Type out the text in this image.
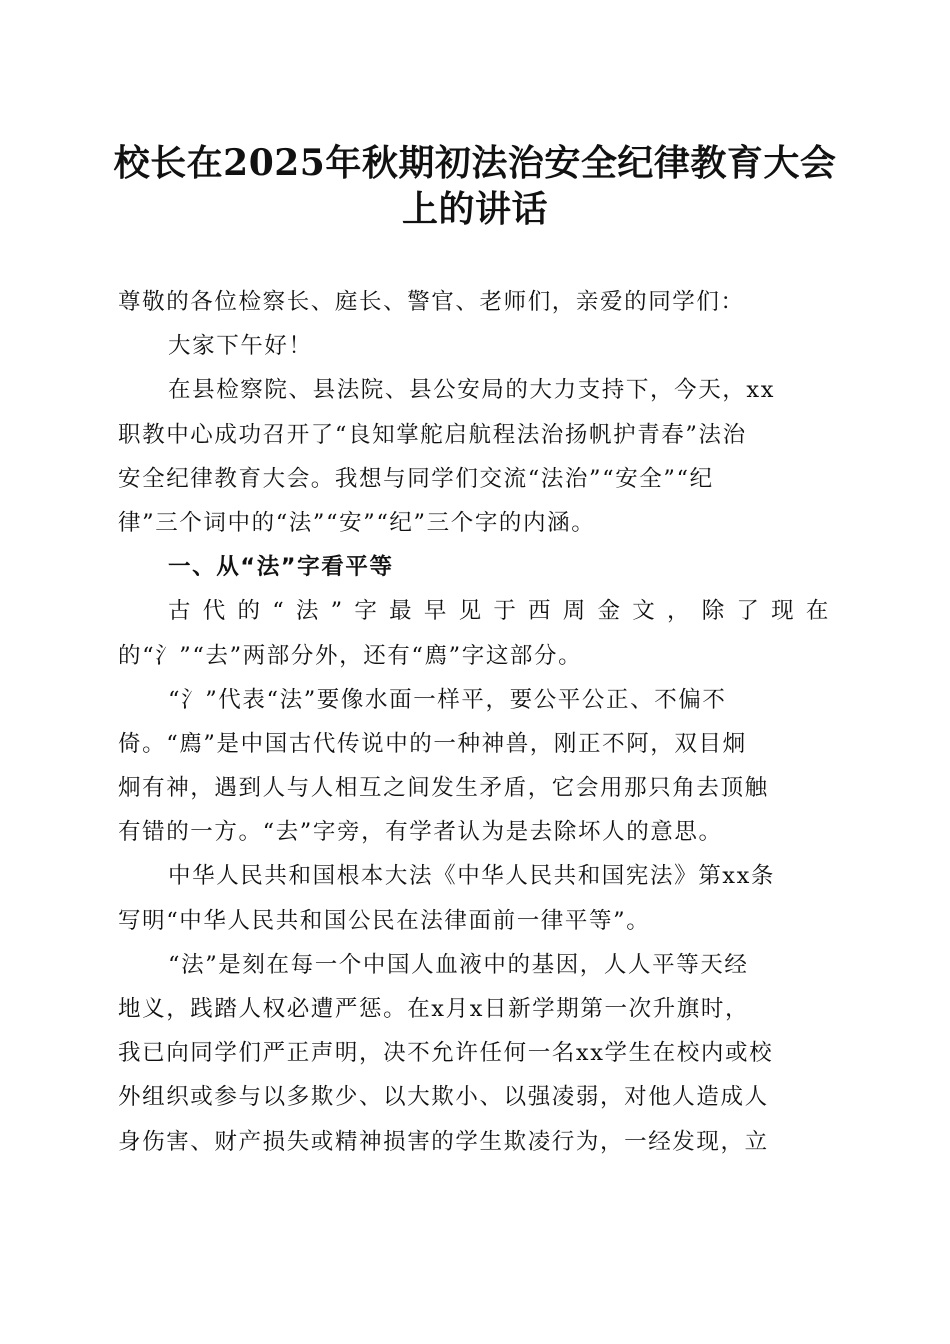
校长在2025年秋期初法治安全纪律教育大会
上的讲话
尊敬的各位检察长、庭长、警官、老师们，亲爱的同学们：
大家下午好！
在县检察院、县法院、县公安局的大力支持下，今天，xx
职教中心成功召开了“良知掌舵启航程法治扬帆护青春”法治
安全纪律教育大会。我想与同学们交流“法治”“安全”“纪
律”三个词中的“法”“安”“纪”三个字的内涵。
一、从“法”字看平等
古代的“法”字最早见于西周金文，除了现在
的“氵”“去”两部分外，还有“廌”字这部分。
“氵”代表“法”要像水面一样平，要公平公正、不偏不
倚。“廌”是中国古代传说中的一种神兽，刚正不阿，双目炯
炯有神，遇到人与人相互之间发生矛盾，它会用那只角去顶触
有错的一方。“去”字旁，有学者认为是去除坏人的意思。
中华人民共和国根本大法《中华人民共和国宪法》第xx条
写明“中华人民共和国公民在法律面前一律平等”。
“法”是刻在每一个中国人血液中的基因，人人平等天经
地义，践踏人权必遭严惩。在x月x日新学期第一次升旗时，
我已向同学们严正声明，决不允许任何一名xx学生在校内或校
外组织或参与以多欺少、以大欺小、以强凌弱，对他人造成人
身伤害、财产损失或精神损害的学生欺凌行为，一经发现，立
